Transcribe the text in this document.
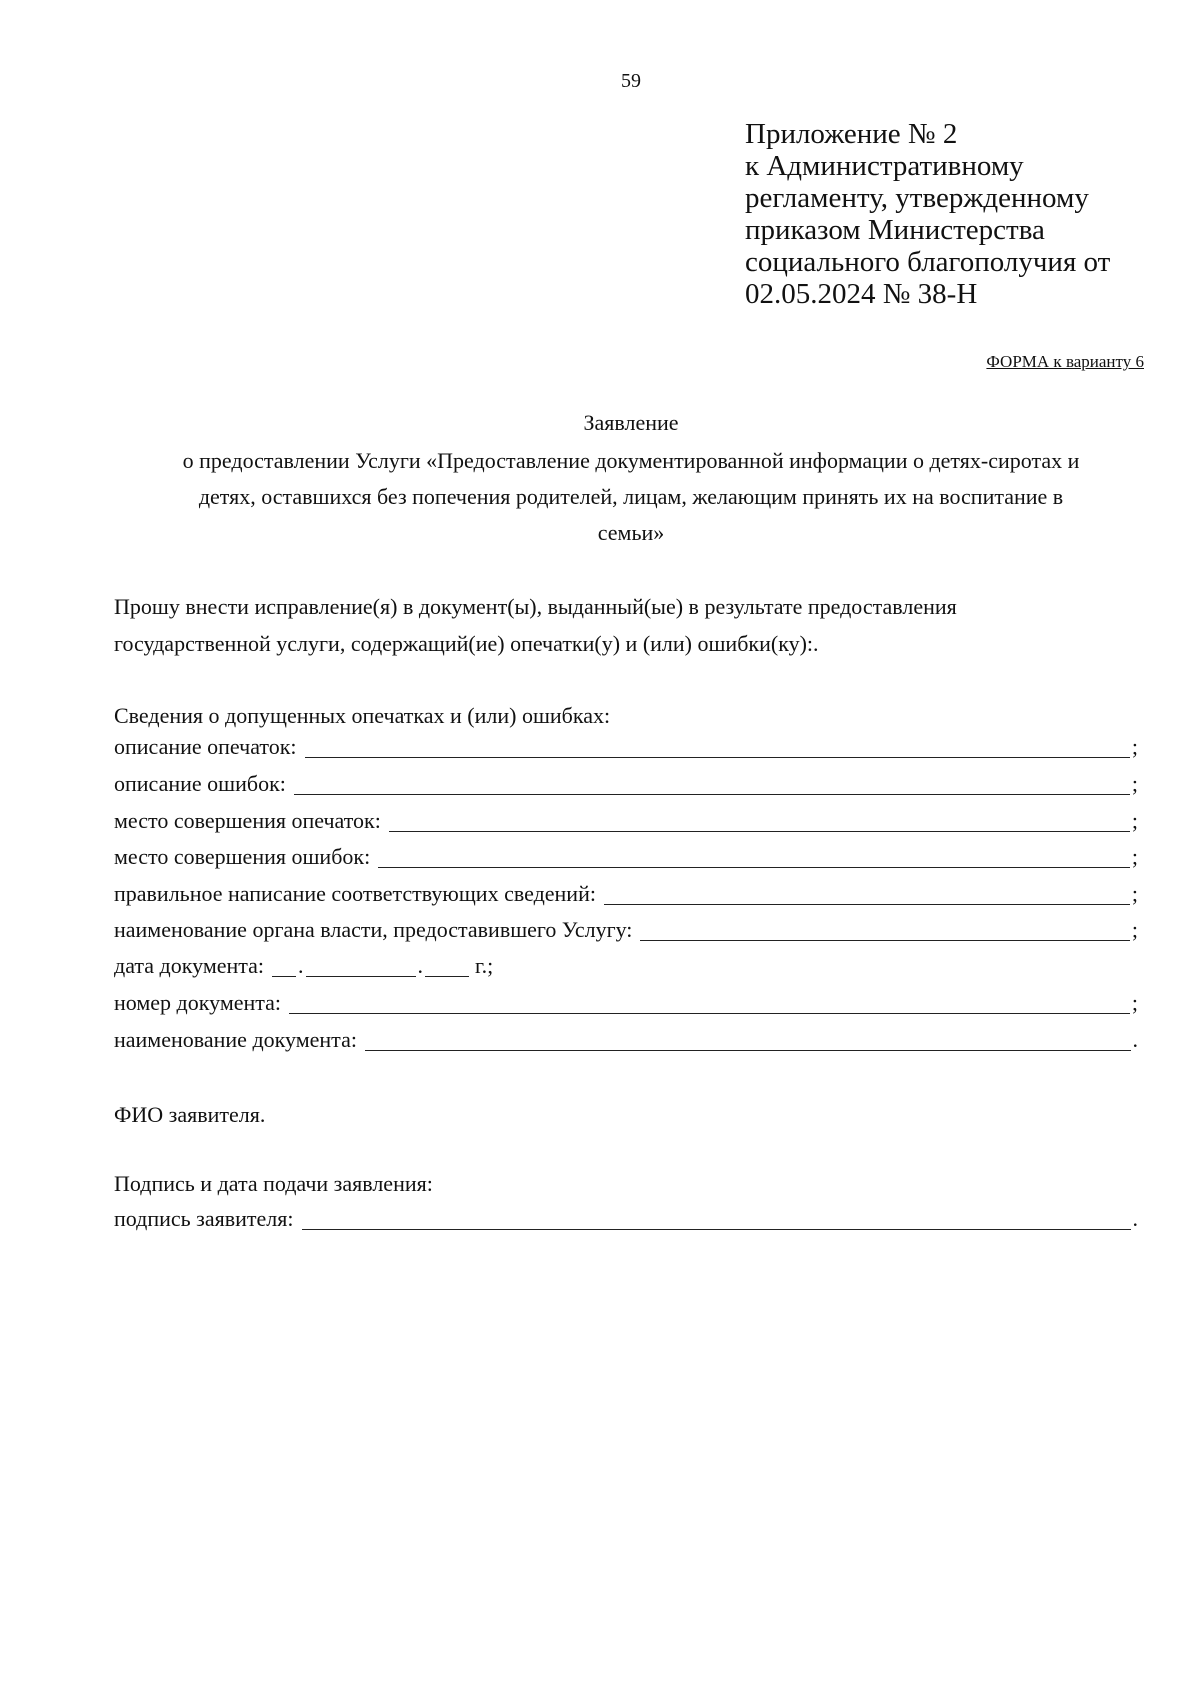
59
Приложение № 2
к Административному
регламенту, утвержденному
приказом Министерства
социального благополучия от
02.05.2024 № 38-Н
ФОРМА к варианту 6
Заявление
о предоставлении Услуги «Предоставление документированной информации о детях-сиротах и
детях, оставшихся без попечения родителей, лицам, желающим принять их на воспитание в
семьи»
Прошу внести исправление(я) в документ(ы), выданный(ые) в результате предоставления
государственной услуги, содержащий(ие) опечатки(у) и (или) ошибки(ку):.
Сведения о допущенных опечатках и (или) ошибках:
описание опечаток:	;
описание ошибок:	;
место совершения опечаток:	;
место совершения ошибок:	;
правильное написание соответствующих сведений:	;
наименование органа власти, предоставившего Услугу:	;
дата документа: .	. г.;
номер документа:	;
наименование документа:	.
ФИО заявителя.
Подпись и дата подачи заявления:
подпись заявителя:	.
